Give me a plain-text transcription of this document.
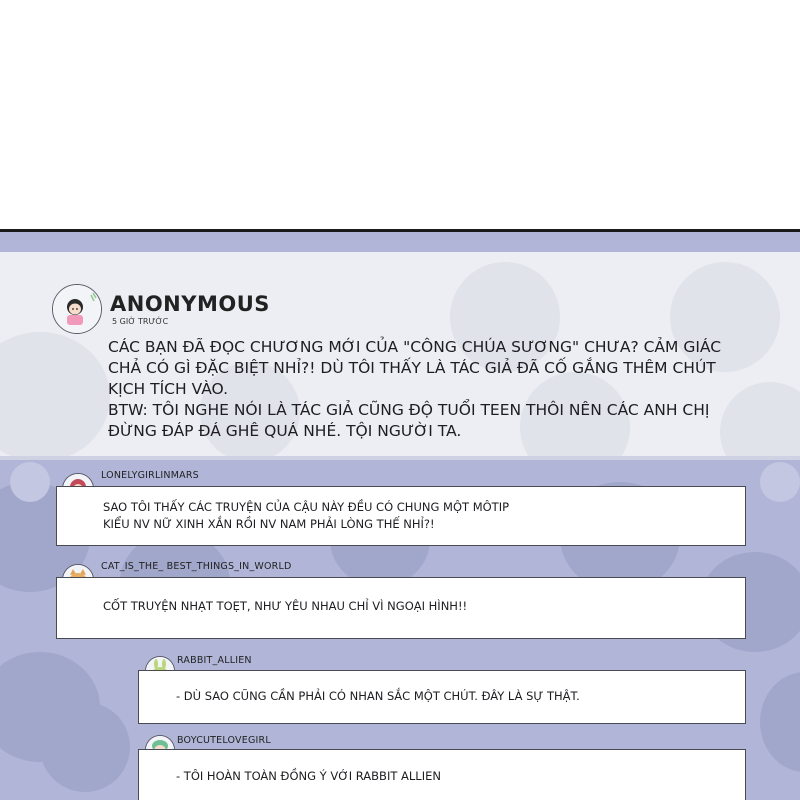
ANONYMOUS
5 GIỜ TRƯỚC
CÁC BẠN ĐÃ ĐỌC CHƯƠNG MỚI CỦA "CÔNG CHÚA SƯƠNG" CHƯA? CẢM GIÁC
CHẢ CÓ GÌ ĐẶC BIỆT NHỈ?! DÙ TÔI THẤY LÀ TÁC GIẢ ĐÃ CỐ GẮNG THÊM CHÚT
KỊCH TÍCH VÀO.
BTW: TÔI NGHE NÓI LÀ TÁC GIẢ CŨNG ĐỘ TUỔI TEEN THÔI NÊN CÁC ANH CHỊ
ĐỪNG ĐÁP ĐÁ GHÊ QUÁ NHÉ. TỘI NGƯỜI TA.
LONELYGIRLINMARS
SAO TÔI THẤY CÁC TRUYỆN CỦA CẬU NÀY ĐỀU CÓ CHUNG MỘT MÔTIP
KIỂU NV NỮ XINH XẮN RỒI NV NAM PHẢI LÒNG THẾ NHỈ?!
CAT_IS_THE_ BEST_THINGS_IN_WORLD
CỐT TRUYỆN NHẠT TOẸT, NHƯ YÊU NHAU CHỈ VÌ NGOẠI HÌNH!!
RABBIT_ALLIEN
- DÙ SAO CŨNG CẦN PHẢI CÓ NHAN SẮC MỘT CHÚT. ĐÂY LÀ SỰ THẬT.
BOYCUTELOVEGIRL
- TÔI HOÀN TOÀN ĐỒNG Ý VỚI RABBIT ALLIEN
